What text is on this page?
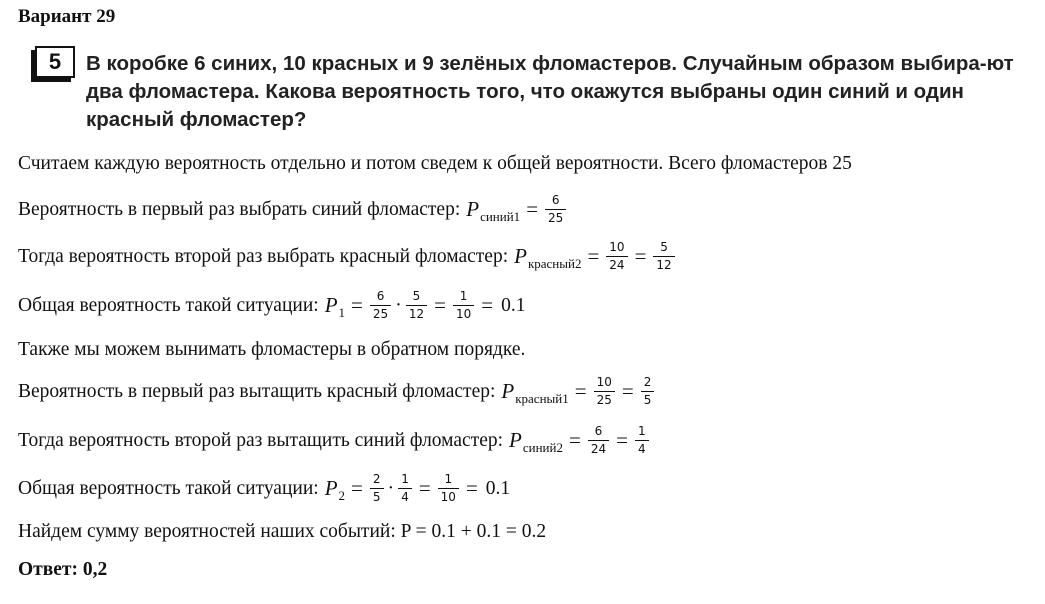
Вариант 29
5	В коробке 6 синих, 10 красных и 9 зелёных фломастеров. Случайным образом выбира-ют два фломастера. Какова вероятность того, что окажутся выбраны один синий и один красный фломастер?
Считаем каждую вероятность отдельно и потом сведем к общей вероятности. Всего фломастеров 25
Вероятность в первый раз выбрать синий фломастер: P синий1 = $\frac{6}{25}$
Тогда вероятность второй раз выбрать красный фломастер: P красный2 = $\frac{10}{24} = \frac{5}{12}$
Общая вероятность такой ситуации: P $1 = \frac{6}{25} \cdot \frac{5}{12} = \frac{1}{10} = 0.1$
Также мы можем вынимать фломастеры в обратном порядке.
Вероятность в первый раз вытащить красный фломастер: P красный1 = $\frac{10}{25} = \frac{2}{5}$
Тогда вероятность второй раз вытащить синий фломастер: P синий2 = $\frac{6}{24} = \frac{1}{4}$
Общая вероятность такой ситуации: P $2 = \frac{2}{5} \cdot \frac{1}{4} = \frac{1}{10} = 0.1$
Найдем сумму вероятностей наших событий: P = 0.1 + 0.1 = 0.2
Ответ: 0,2
